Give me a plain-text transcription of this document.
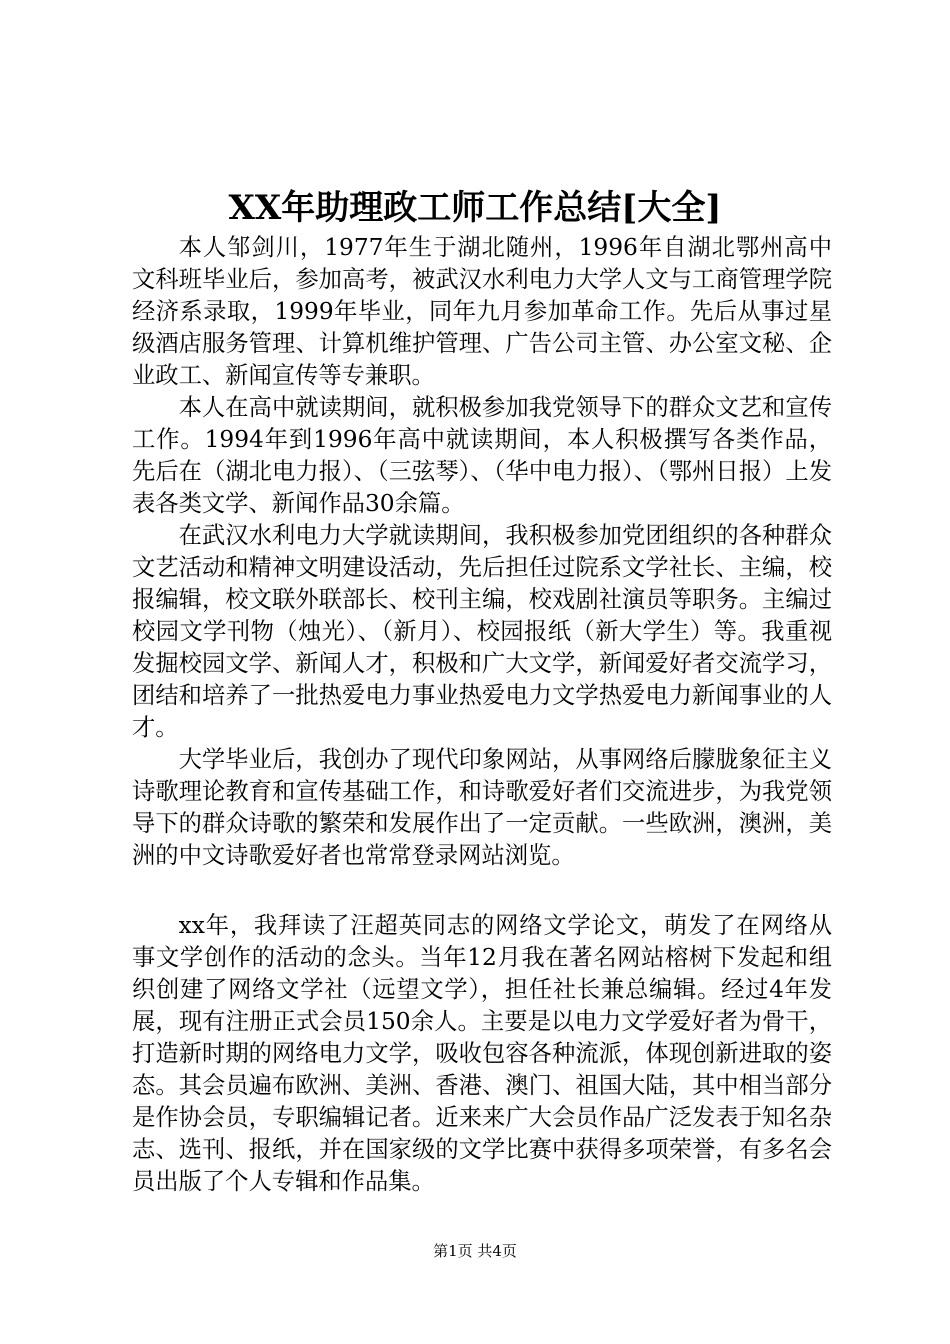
XX年助理政工师工作总结[大全]

本人邹剑川，1977年生于湖北随州，1996年自湖北鄂州高中文科班毕业后，参加高考，被武汉水利电力大学人文与工商管理学院经济系录取，1999年毕业，同年九月参加革命工作。先后从事过星级酒店服务管理、计算机维护管理、广告公司主管、办公室文秘、企业政工、新闻宣传等专兼职。

本人在高中就读期间，就积极参加我党领导下的群众文艺和宣传工作。1994年到1996年高中就读期间，本人积极撰写各类作品，先后在（湖北电力报）、（三弦琴）、（华中电力报）、（鄂州日报）上发表各类文学、新闻作品30余篇。

在武汉水利电力大学就读期间，我积极参加党团组织的各种群众文艺活动和精神文明建设活动，先后担任过院系文学社长、主编，校报编辑，校文联外联部长、校刊主编，校戏剧社演员等职务。主编过校园文学刊物（烛光）、（新月）、校园报纸（新大学生）等。我重视发掘校园文学、新闻人才，积极和广大文学，新闻爱好者交流学习，团结和培养了一批热爱电力事业热爱电力文学热爱电力新闻事业的人才。

大学毕业后，我创办了现代印象网站，从事网络后朦胧象征主义诗歌理论教育和宣传基础工作，和诗歌爱好者们交流进步，为我党领导下的群众诗歌的繁荣和发展作出了一定贡献。一些欧洲，澳洲，美洲的中文诗歌爱好者也常常登录网站浏览。

xx年，我拜读了汪超英同志的网络文学论文，萌发了在网络从事文学创作的活动的念头。当年12月我在著名网站榕树下发起和组织创建了网络文学社（远望文学），担任社长兼总编辑。经过4年发展，现有注册正式会员150余人。主要是以电力文学爱好者为骨干，打造新时期的网络电力文学，吸收包容各种流派，体现创新进取的姿态。其会员遍布欧洲、美洲、香港、澳门、祖国大陆，其中相当部分是作协会员，专职编辑记者。近来来广大会员作品广泛发表于知名杂志、选刊、报纸，并在国家级的文学比赛中获得多项荣誉，有多名会员出版了个人专辑和作品集。

第1页 共4页
